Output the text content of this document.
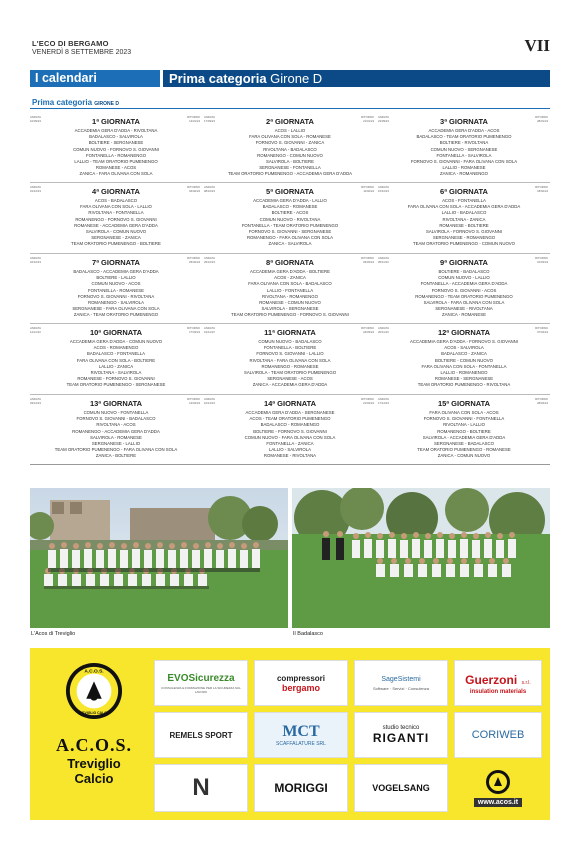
L'ECO DI BERGAMO
VENERDÌ 8 SETTEMBRE 2023	VII
I calendari	Prima categoria Girone D
Prima categoria GIRONE D
ANDATA
10/09/23
RITORNO
14/01/24
1ª GIORNATA
ACCADEMIA GERA D'ADDA - RIVOLTANA
BADALASCO - SALVIROLA
BOLTIERE - SERGNANESE
COMUN NUOVO - FORNOVO S. GIOVANNI
FONTANELLA - ROMANENGO
LALLIO - TEAM ORATORIO PUMENENGO
ROMANESE - ACOS
ZANICA - FARA OLIVANA CON SOLA
ANDATA
17/09/23
RITORNO
21/01/24
2ª GIORNATA
ACOS - LALLIO
FARA OLIVANA CON SOLA - ROMANESE
FORNOVO S. GIOVANNI - ZANICA
RIVOLTANA - BADALASCO
ROMANENGO - COMUN NUOVO
SALVIROLA - BOLTIERE
SERGNANESE - FONTANELLA
TEAM ORATORIO PUMENENGO - ACCADEMIA GERA D'ADDA
ANDATA
24/09/23
RITORNO
28/01/24
3ª GIORNATA
ACCADEMIA GERA D'ADDA - ACOS
BADALASCO - TEAM ORATORIO PUMENENGO
BOLTIERE - RIVOLTANA
COMUN NUOVO - SERGNANESE
FONTANELLA - SALVIROLA
FORNOVO S. GIOVANNI - FARA OLIVANA CON SOLA
LALLIO - ROMANESE
ZANICA - ROMANENGO
ANDATA
01/10/23
RITORNO
04/02/24
4ª GIORNATA
ACOS - BADALASCO
FARA OLIVANA CON SOLA - LALLIO
RIVOLTANA - FONTANELLA
ROMANENGO - FORNOVO S. GIOVANNI
ROMANESE - ACCADEMIA GERA D'ADDA
SALVIROLA - COMUN NUOVO
SERGNANESE - ZANICA
TEAM ORATORIO PUMENENGO - BOLTIERE
ANDATA
08/10/23
RITORNO
11/02/24
5ª GIORNATA
ACCADEMIA GERA D'ADDA - LALLIO
BADALASCO - ROMANESE
BOLTIERE - ACOS
COMUN NUOVO - RIVOLTANA
FONTANELLA - TEAM ORATORIO PUMENENGO
FORNOVO S. GIOVANNI - SERGNANESE
ROMANENGO - FARA OLIVANA CON SOLA
ZANICA - SALVIROLA
ANDATA
15/10/23
RITORNO
18/02/24
6ª GIORNATA
ACOS - FONTANELLA
FARA OLIVANA CON SOLA - ACCADEMIA GERA D'ADDA
LALLIO - BADALASCO
RIVOLTANA - ZANICA
ROMANESE - BOLTIERE
SALVIROLA - FORNOVO S. GIOVANNI
SERGNANESE - ROMANENGO
TEAM ORATORIO PUMENENGO - COMUN NUOVO
ANDATA
22/10/23
RITORNO
25/02/24
7ª GIORNATA
BADALASCO - ACCADEMIA GERA D'ADDA
BOLTIERE - LALLIO
COMUN NUOVO - ACOS
FONTANELLA - ROMANESE
FORNOVO S. GIOVANNI - RIVOLTANA
ROMANENGO - SALVIROLA
SERGNANESE - FARA OLIVANA CON SOLA
ZANICA - TEAM ORATORIO PUMENENGO
ANDATA
29/10/23
RITORNO
03/03/24
8ª GIORNATA
ACCADEMIA GERA D'ADDA - BOLTIERE
ACOS - ZANICA
FARA OLIVANA CON SOLA - BADALASCO
LALLIO - FONTANELLA
RIVOLTANA - ROMANENGO
ROMANESE - COMUN NUOVO
SALVIROLA - SERGNANESE
TEAM ORATORIO PUMENENGO - FORNOVO S. GIOVANNI
ANDATA
05/11/23
RITORNO
10/03/24
9ª GIORNATA
BOLTIERE - BADALASCO
COMUN NUOVO - LALLIO
FONTANELLA - ACCADEMIA GERA D'ADDA
FORNOVO S. GIOVANNI - ACOS
ROMANENGO - TEAM ORATORIO PUMENENGO
SALVIROLA - FARA OLIVANA CON SOLA
SERGNANESE - RIVOLTANA
ZANICA - ROMANESE
ANDATA
12/11/23
RITORNO
17/03/24
10ª GIORNATA
ACCADEMIA GERA D'ADDA - COMUN NUOVO
ACOS - ROMANENGO
BADALASCO - FONTANELLA
FARA OLIVANA CON SOLA - BOLTIERE
LALLIO - ZANICA
RIVOLTANA - SALVIROLA
ROMANESE - FORNOVO S. GIOVANNI
TEAM ORATORIO PUMENENGO - SERGNANESE
ANDATA
19/11/23
RITORNO
24/03/24
11ª GIORNATA
COMUN NUOVO - BADALASCO
FONTANELLA - BOLTIERE
FORNOVO S. GIOVANNI - LALLIO
RIVOLTANA - FARA OLIVANA CON SOLA
ROMANENGO - ROMANESE
SALVIROLA - TEAM ORATORIO PUMENENGO
SERGNANESE - ACOS
ZANICA - ACCADEMIA GERA D'ADDA
ANDATA
26/11/23
RITORNO
07/04/24
12ª GIORNATA
ACCADEMIA GERA D'ADDA - FORNOVO S. GIOVANNI
ACOS - SALVIROLA
BADALASCO - ZANICA
BOLTIERE - COMUN NUOVO
FARA OLIVANA CON SOLA - FONTANELLA
LALLIO - ROMANENGO
ROMANESE - SERGNANESE
TEAM ORATORIO PUMENENGO - RIVOLTANA
ANDATA
03/12/23
RITORNO
14/04/24
13ª GIORNATA
COMUN NUOVO - FONTANELLA
FORNOVO S. GIOVANNI - BADALASCO
RIVOLTANA - ACOS
ROMANENGO - ACCADEMIA GERA D'ADDA
SALVIROLA - ROMANESE
SERGNANESE - LALLIO
TEAM ORATORIO PUMENENGO - FARA OLIVANA CON SOLA
ZANICA - BOLTIERE
ANDATA
10/12/23
RITORNO
21/04/24
14ª GIORNATA
ACCADEMIA GERA D'ADDA - SERGNANESE
ACOS - TEAM ORATORIO PUMENENGO
BADALASCO - ROMANENGO
BOLTIERE - FORNOVO S. GIOVANNI
COMUN NUOVO - FARA OLIVANA CON SOLA
FONTANELLA - ZANICA
LALLIO - SALVIROLA
ROMANESE - RIVOLTANA
ANDATA
17/12/23
RITORNO
28/04/24
15ª GIORNATA
FARA OLIVANA CON SOLA - ACOS
FORNOVO S. GIOVANNI - FONTANELLA
RIVOLTANA - LALLIO
ROMANENGO - BOLTIERE
SALVIROLA - ACCADEMIA GERA D'ADDA
SERGNANESE - BADALASCO
TEAM ORATORIO PUMENENGO - ROMANESE
ZANICA - COMUN NUOVO
L'Acos di Treviglio	Il Badalasco
A.C.O.S.
TREVIGLIO CALCIO
A.C.O.S.
Treviglio
Calcio
EVOSicurezza
CONSULENZA E FORMAZIONE PER LA SICUREZZA SUL LAVORO
compressori
bergamo
SageSistemi
Software · Servizi · Consulenza
Guerzoni s.r.l.
insulation materials
REMELS SPORT	MCT
SCAFFALATURE SRL
studio tecnico
RIGANTI	CORIWEB
N	MORIGGI	VOGELSANG
www.acos.it
